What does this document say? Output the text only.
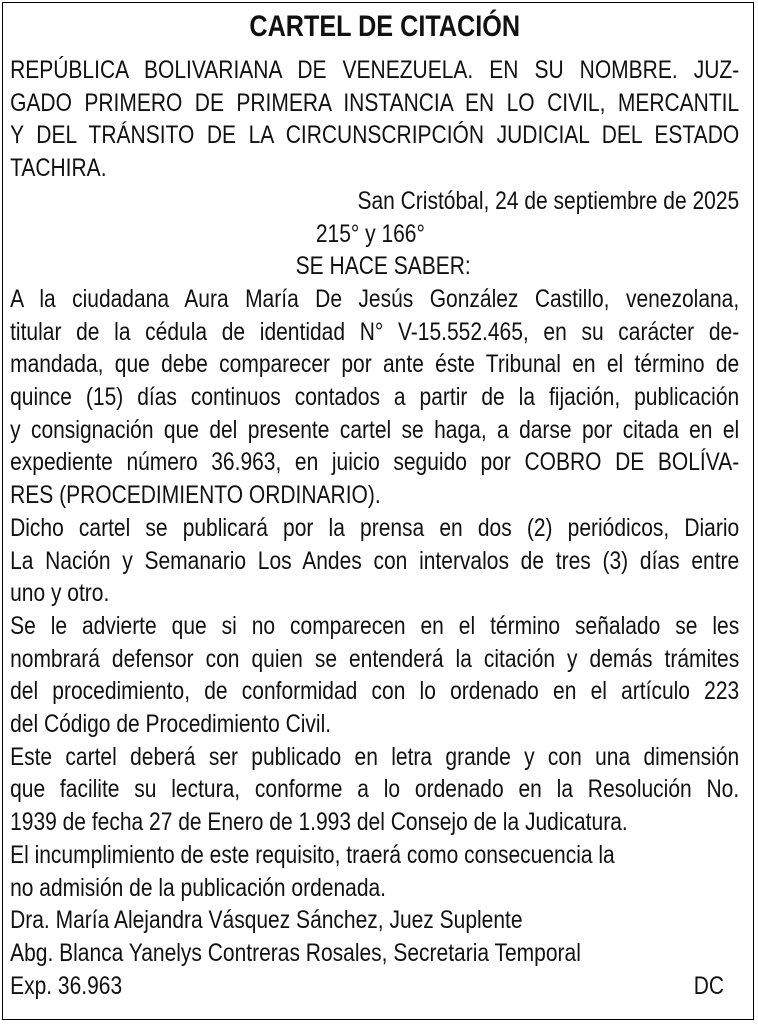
CARTEL DE CITACIÓN
REPÚBLICA BOLIVARIANA DE VENEZUELA. EN SU NOMBRE. JUZ-
GADO PRIMERO DE PRIMERA INSTANCIA EN LO CIVIL, MERCANTIL
Y DEL TRÁNSITO DE LA CIRCUNSCRIPCIÓN JUDICIAL DEL ESTADO
TACHIRA.
San Cristóbal, 24 de septiembre de 2025
215° y 166°
SE HACE SABER:
A la ciudadana Aura María De Jesús González Castillo, venezolana,
titular de la cédula de identidad N° V-15.552.465, en su carácter de-
mandada, que debe comparecer por ante éste Tribunal en el término de
quince (15) días continuos contados a partir de la fijación, publicación
y consignación que del presente cartel se haga, a darse por citada en el
expediente número 36.963, en juicio seguido por COBRO DE BOLÍVA-
RES (PROCEDIMIENTO ORDINARIO).
Dicho cartel se publicará por la prensa en dos (2) periódicos, Diario
La Nación y Semanario Los Andes con intervalos de tres (3) días entre
uno y otro.
Se le advierte que si no comparecen en el término señalado se les
nombrará defensor con quien se entenderá la citación y demás trámites
del procedimiento, de conformidad con lo ordenado en el artículo 223
del Código de Procedimiento Civil.
Este cartel deberá ser publicado en letra grande y con una dimensión
que facilite su lectura, conforme a lo ordenado en la Resolución No.
1939 de fecha 27 de Enero de 1.993 del Consejo de la Judicatura.
El incumplimiento de este requisito, traerá como consecuencia la
no admisión de la publicación ordenada.
Dra. María Alejandra Vásquez Sánchez, Juez Suplente
Abg. Blanca Yanelys Contreras Rosales, Secretaria Temporal
Exp. 36.963	DC
